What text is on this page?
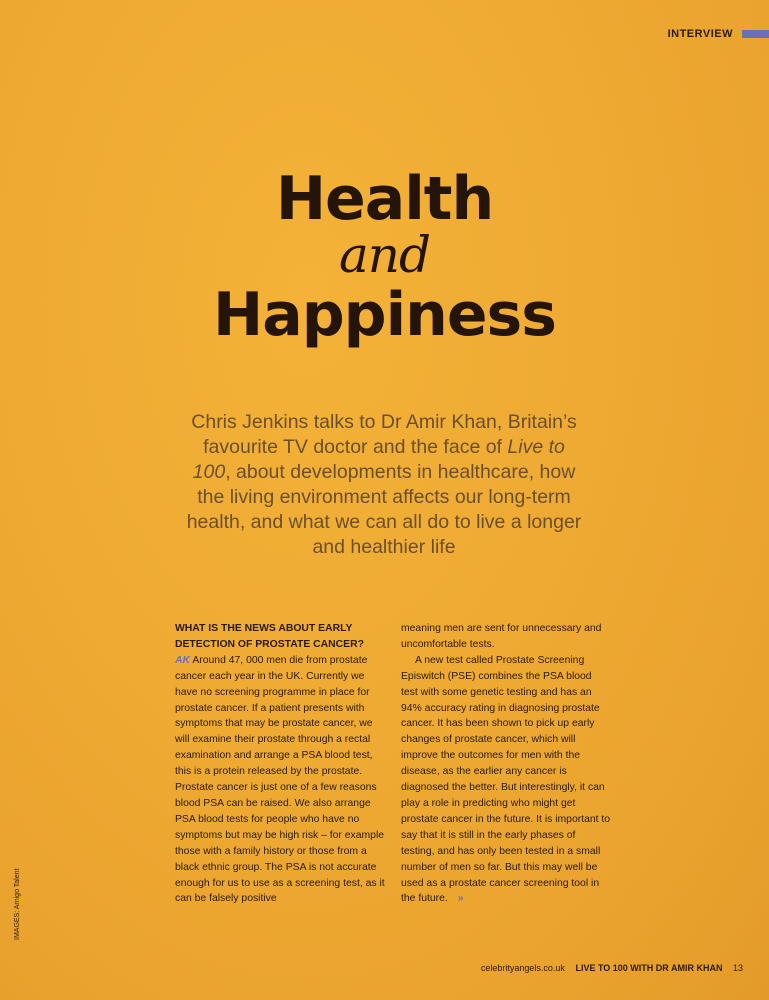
INTERVIEW
Health
and
Happiness
Chris Jenkins talks to Dr Amir Khan, Britain’s favourite TV doctor and the face of Live to 100, about developments in healthcare, how the living environment affects our long-term health, and what we can all do to live a longer and healthier life

WHAT IS THE NEWS ABOUT EARLY DETECTION OF PROSTATE CANCER?

AK Around 47, 000 men die from prostate cancer each year in the UK. Currently we have no screening programme in place for prostate cancer. If a patient presents with symptoms that may be prostate cancer, we will examine their prostate through a rectal examination and arrange a PSA blood test, this is a protein released by the prostate. Prostate cancer is just one of a few reasons blood PSA can be raised. We also arrange PSA blood tests for people who have no symptoms but may be high risk – for example those with a family history or those from a black ethnic group. The PSA is not accurate enough for us to use as a screening test, as it can be falsely positive

meaning men are sent for unnecessary and uncomfortable tests.

A new test called Prostate Screening Episwitch (PSE) combines the PSA blood test with some genetic testing and has an 94% accuracy rating in diagnosing prostate cancer. It has been shown to pick up early changes of prostate cancer, which will improve the outcomes for men with the disease, as the earlier any cancer is diagnosed the better. But interestingly, it can play a role in predicting who might get prostate cancer in the future. It is important to say that it is still in the early phases of testing, and has only been tested in a small number of men so far. But this may well be used as a prostate cancer screening tool in the future. »

IMAGES: Arnigo Talent
celebrityangels.co.uk LIVE TO 100 WITH DR AMIR KHAN 13
